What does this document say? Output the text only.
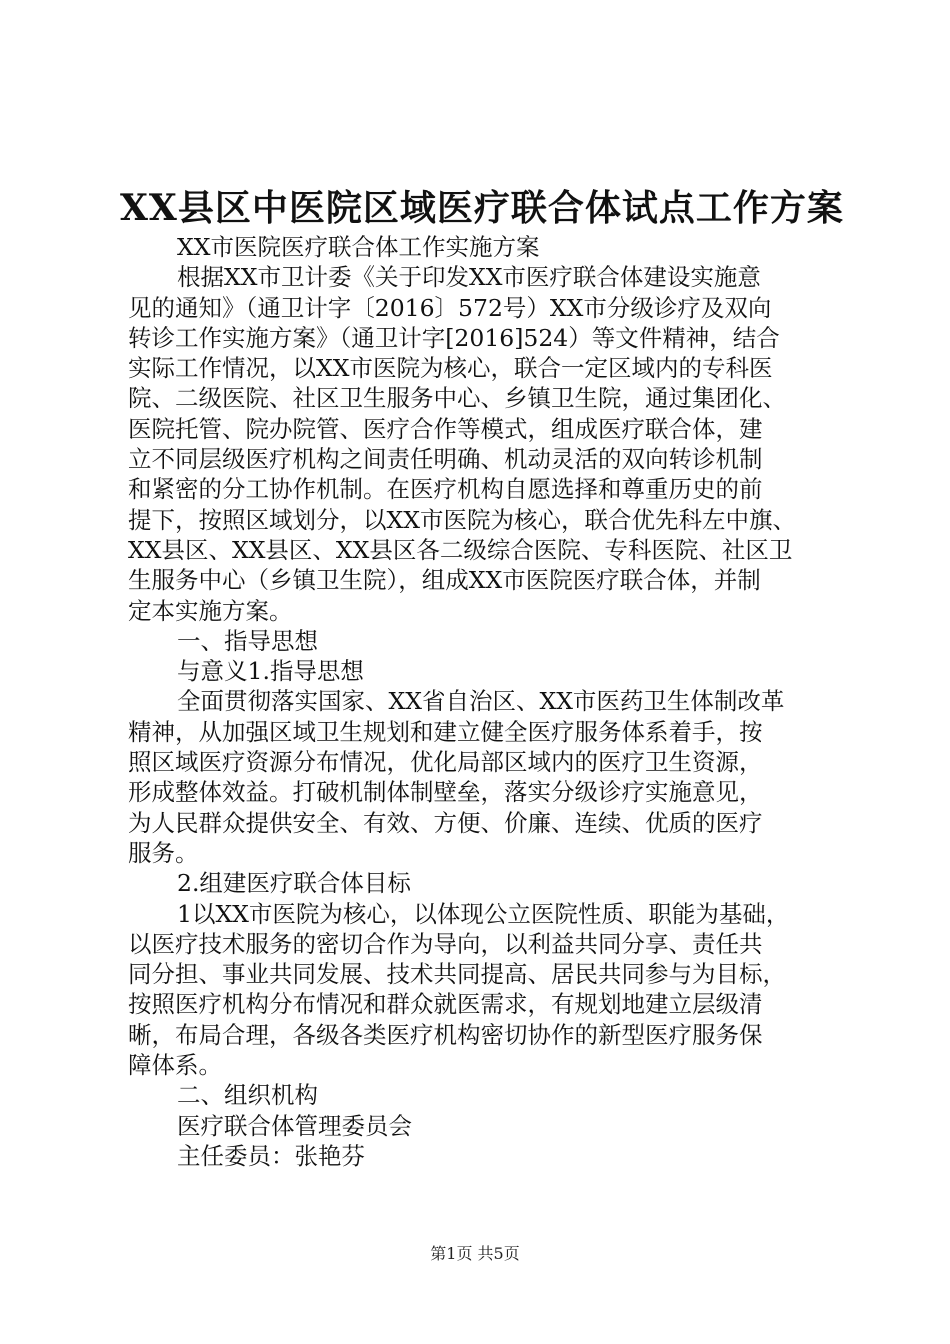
XX县区中医院区域医疗联合体试点工作方案
XX市医院医疗联合体工作实施方案
根据XX市卫计委《关于印发XX市医疗联合体建设实施意
见的通知》（通卫计字〔2016〕572号）XX市分级诊疗及双向
转诊工作实施方案》（通卫计字[2016]524）等文件精神，结合
实际工作情况，以XX市医院为核心，联合一定区域内的专科医
院、二级医院、社区卫生服务中心、乡镇卫生院，通过集团化、
医院托管、院办院管、医疗合作等模式，组成医疗联合体，建
立不同层级医疗机构之间责任明确、机动灵活的双向转诊机制
和紧密的分工协作机制。在医疗机构自愿选择和尊重历史的前
提下，按照区域划分，以XX市医院为核心，联合优先科左中旗、
XX县区、XX县区、XX县区各二级综合医院、专科医院、社区卫
生服务中心（乡镇卫生院），组成XX市医院医疗联合体，并制
定本实施方案。
一、指导思想
与意义1.指导思想
全面贯彻落实国家、XX省自治区、XX市医药卫生体制改革
精神，从加强区域卫生规划和建立健全医疗服务体系着手，按
照区域医疗资源分布情况，优化局部区域内的医疗卫生资源，
形成整体效益。打破机制体制壁垒，落实分级诊疗实施意见，
为人民群众提供安全、有效、方便、价廉、连续、优质的医疗
服务。
2.组建医疗联合体目标
1以XX市医院为核心，以体现公立医院性质、职能为基础，
以医疗技术服务的密切合作为导向，以利益共同分享、责任共
同分担、事业共同发展、技术共同提高、居民共同参与为目标，
按照医疗机构分布情况和群众就医需求，有规划地建立层级清
晰，布局合理，各级各类医疗机构密切协作的新型医疗服务保
障体系。
二、组织机构
医疗联合体管理委员会
主任委员：张艳芬
第1页 共5页
